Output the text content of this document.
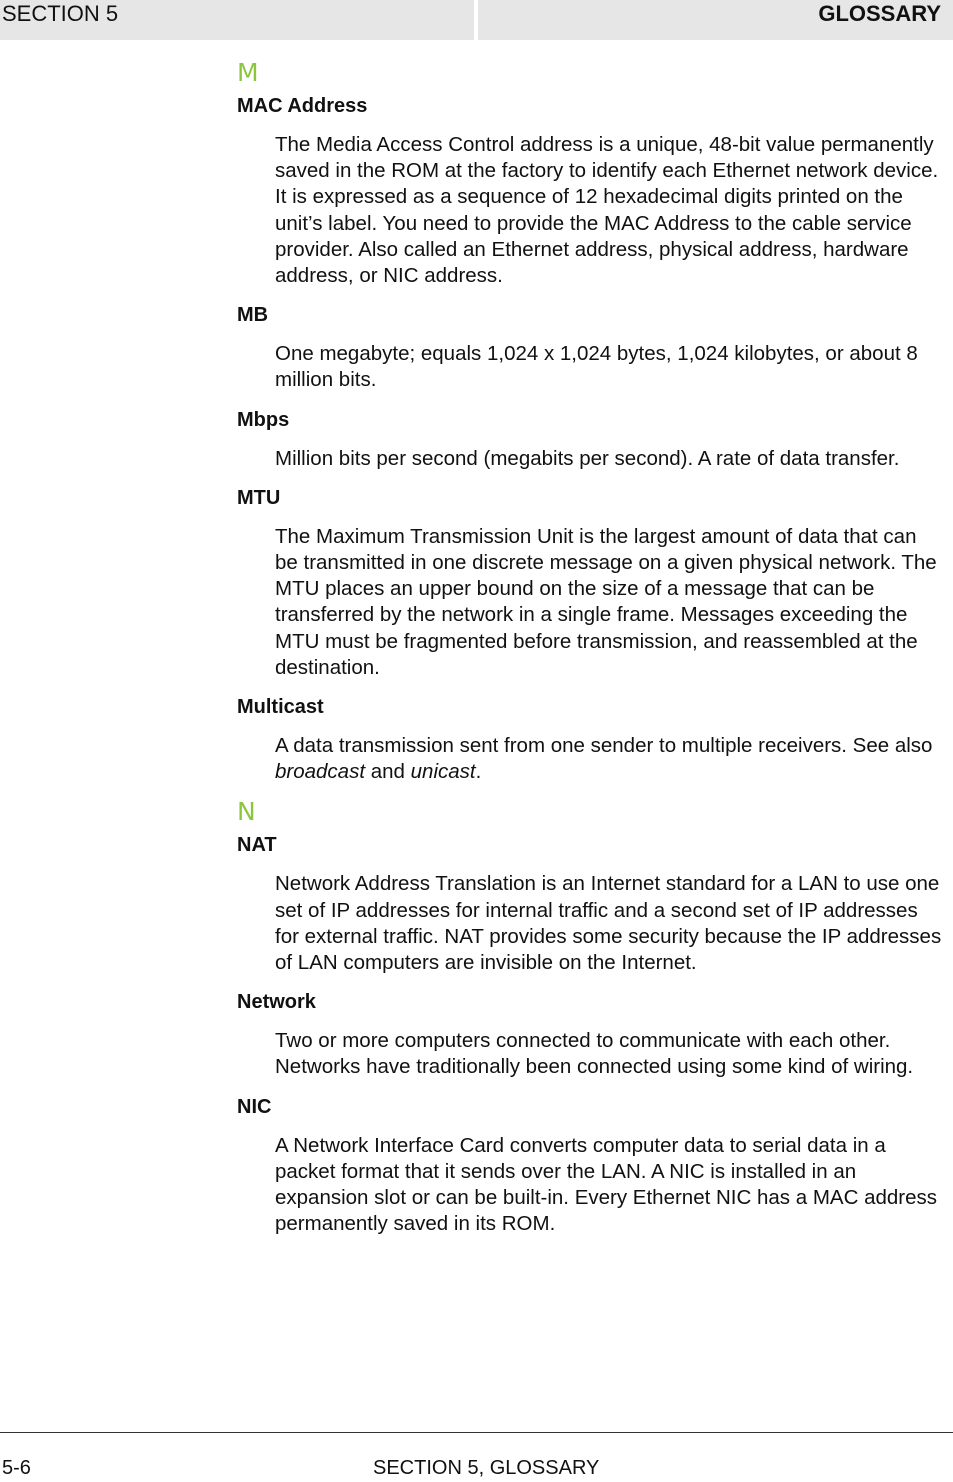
SECTION 5	GLOSSARY
M
MAC Address
The Media Access Control address is a unique, 48-bit value permanently saved in the ROM at the factory to identify each Ethernet network device. It is expressed as a sequence of 12 hexadecimal digits printed on the unit’s label. You need to provide the MAC Address to the cable service provider. Also called an Ethernet address, physical address, hardware address, or NIC address.
MB
One megabyte; equals 1,024 x 1,024 bytes, 1,024 kilobytes, or about 8 million bits.
Mbps
Million bits per second (megabits per second). A rate of data transfer.
MTU
The Maximum Transmission Unit is the largest amount of data that can be transmitted in one discrete message on a given physical network. The MTU places an upper bound on the size of a message that can be transferred by the network in a single frame. Messages exceeding the MTU must be fragmented before transmission, and reassembled at the destination.
Multicast
A data transmission sent from one sender to multiple receivers. See also broadcast and unicast.
N
NAT
Network Address Translation is an Internet standard for a LAN to use one set of IP addresses for internal traffic and a second set of IP addresses for external traffic. NAT provides some security because the IP addresses of LAN computers are invisible on the Internet.
Network
Two or more computers connected to communicate with each other. Networks have traditionally been connected using some kind of wiring.
NIC
A Network Interface Card converts computer data to serial data in a packet format that it sends over the LAN. A NIC is installed in an expansion slot or can be built-in. Every Ethernet NIC has a MAC address permanently saved in its ROM.
5-6	SECTION 5, GLOSSARY
